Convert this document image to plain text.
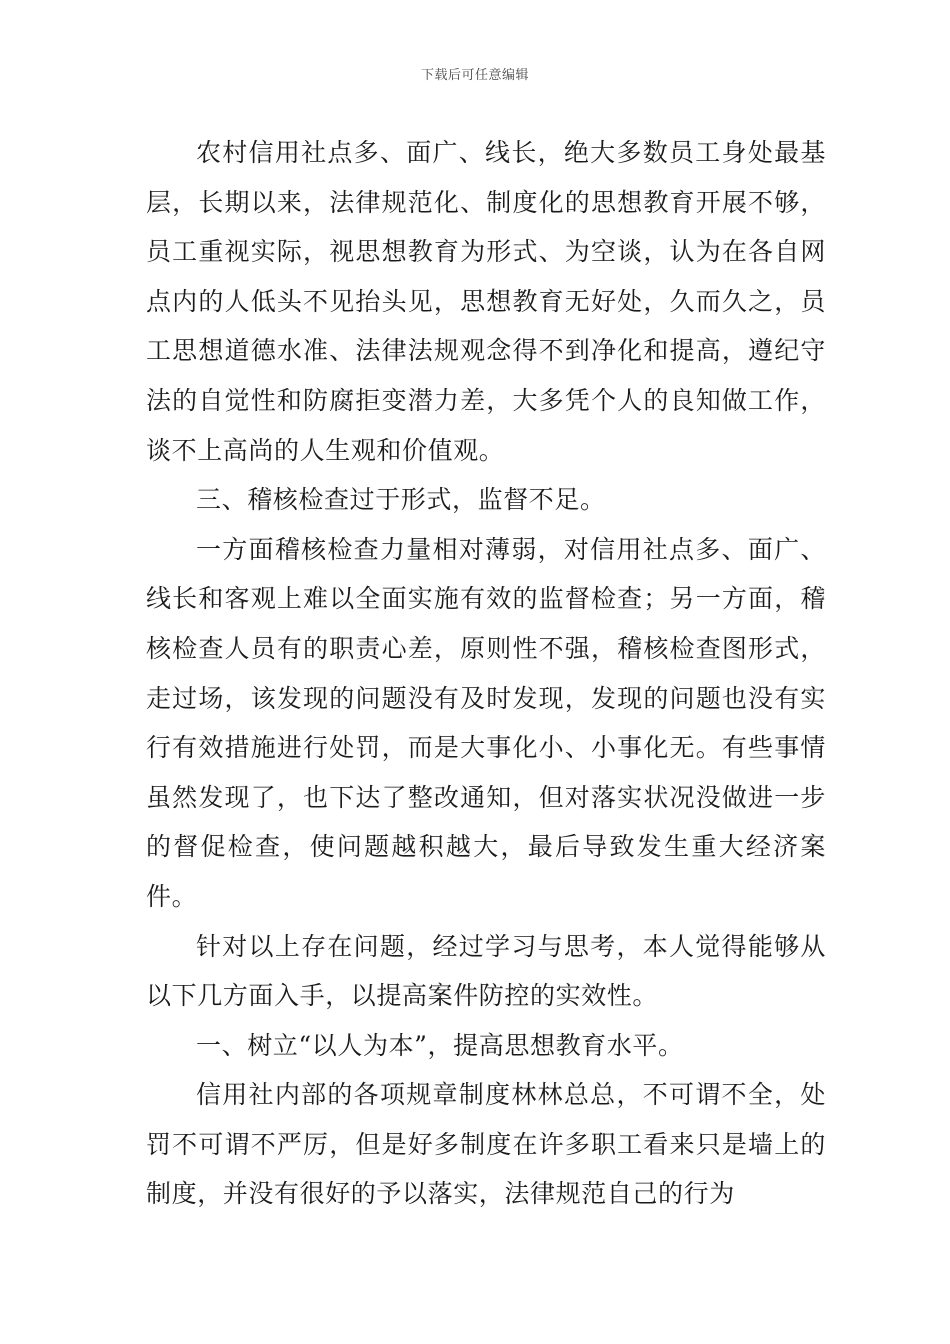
下载后可任意编辑

农村信用社点多、面广、线长，绝大多数员工身处最基层，长期以来，法律规范化、制度化的思想教育开展不够，员工重视实际，视思想教育为形式、为空谈，认为在各自网点内的人低头不见抬头见，思想教育无好处，久而久之，员工思想道德水准、法律法规观念得不到净化和提高，遵纪守法的自觉性和防腐拒变潜力差，大多凭个人的良知做工作，谈不上高尚的人生观和价值观。

三、稽核检查过于形式，监督不足。

一方面稽核检查力量相对薄弱，对信用社点多、面广、线长和客观上难以全面实施有效的监督检查；另一方面，稽核检查人员有的职责心差，原则性不强，稽核检查图形式，走过场，该发现的问题没有及时发现，发现的问题也没有实行有效措施进行处罚，而是大事化小、小事化无。有些事情虽然发现了，也下达了整改通知，但对落实状况没做进一步的督促检查，使问题越积越大，最后导致发生重大经济案件。

针对以上存在问题，经过学习与思考，本人觉得能够从以下几方面入手，以提高案件防控的实效性。

一、树立“以人为本”，提高思想教育水平。

信用社内部的各项规章制度林林总总，不可谓不全，处罚不可谓不严厉，但是好多制度在许多职工看来只是墙上的制度，并没有很好的予以落实，法律规范自己的行为
